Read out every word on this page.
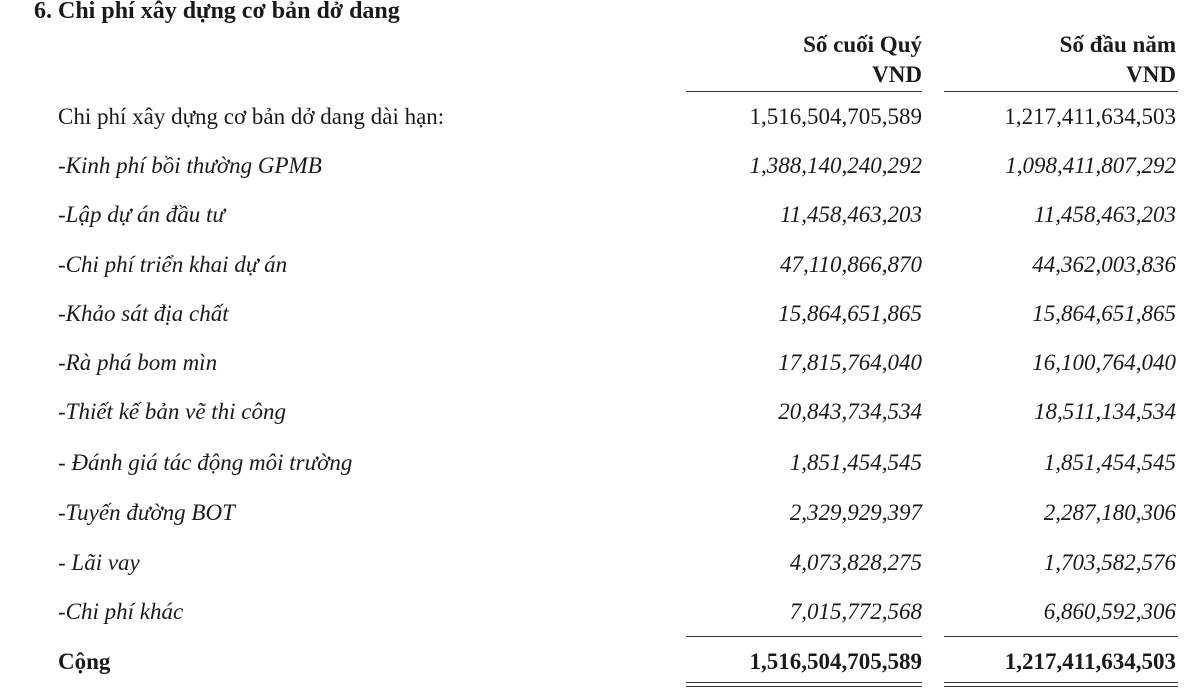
6. Chi phí xây dựng cơ bản dở dang
Số cuối Quý
VND
Số đầu năm
VND
Chi phí xây dựng cơ bản dở dang dài hạn:	1,516,504,705,589	1,217,411,634,503
-Kinh phí bồi thường GPMB	1,388,140,240,292	1,098,411,807,292
-Lập dự án đầu tư	11,458,463,203	11,458,463,203
-Chi phí triển khai dự án	47,110,866,870	44,362,003,836
-Khảo sát địa chất	15,864,651,865	15,864,651,865
-Rà phá bom mìn	17,815,764,040	16,100,764,040
-Thiết kế bản vẽ thi công	20,843,734,534	18,511,134,534
- Đánh giá tác động môi trường	1,851,454,545	1,851,454,545
-Tuyến đường BOT	2,329,929,397	2,287,180,306
- Lãi vay	4,073,828,275	1,703,582,576
-Chi phí khác	7,015,772,568	6,860,592,306
Cộng	1,516,504,705,589	1,217,411,634,503
